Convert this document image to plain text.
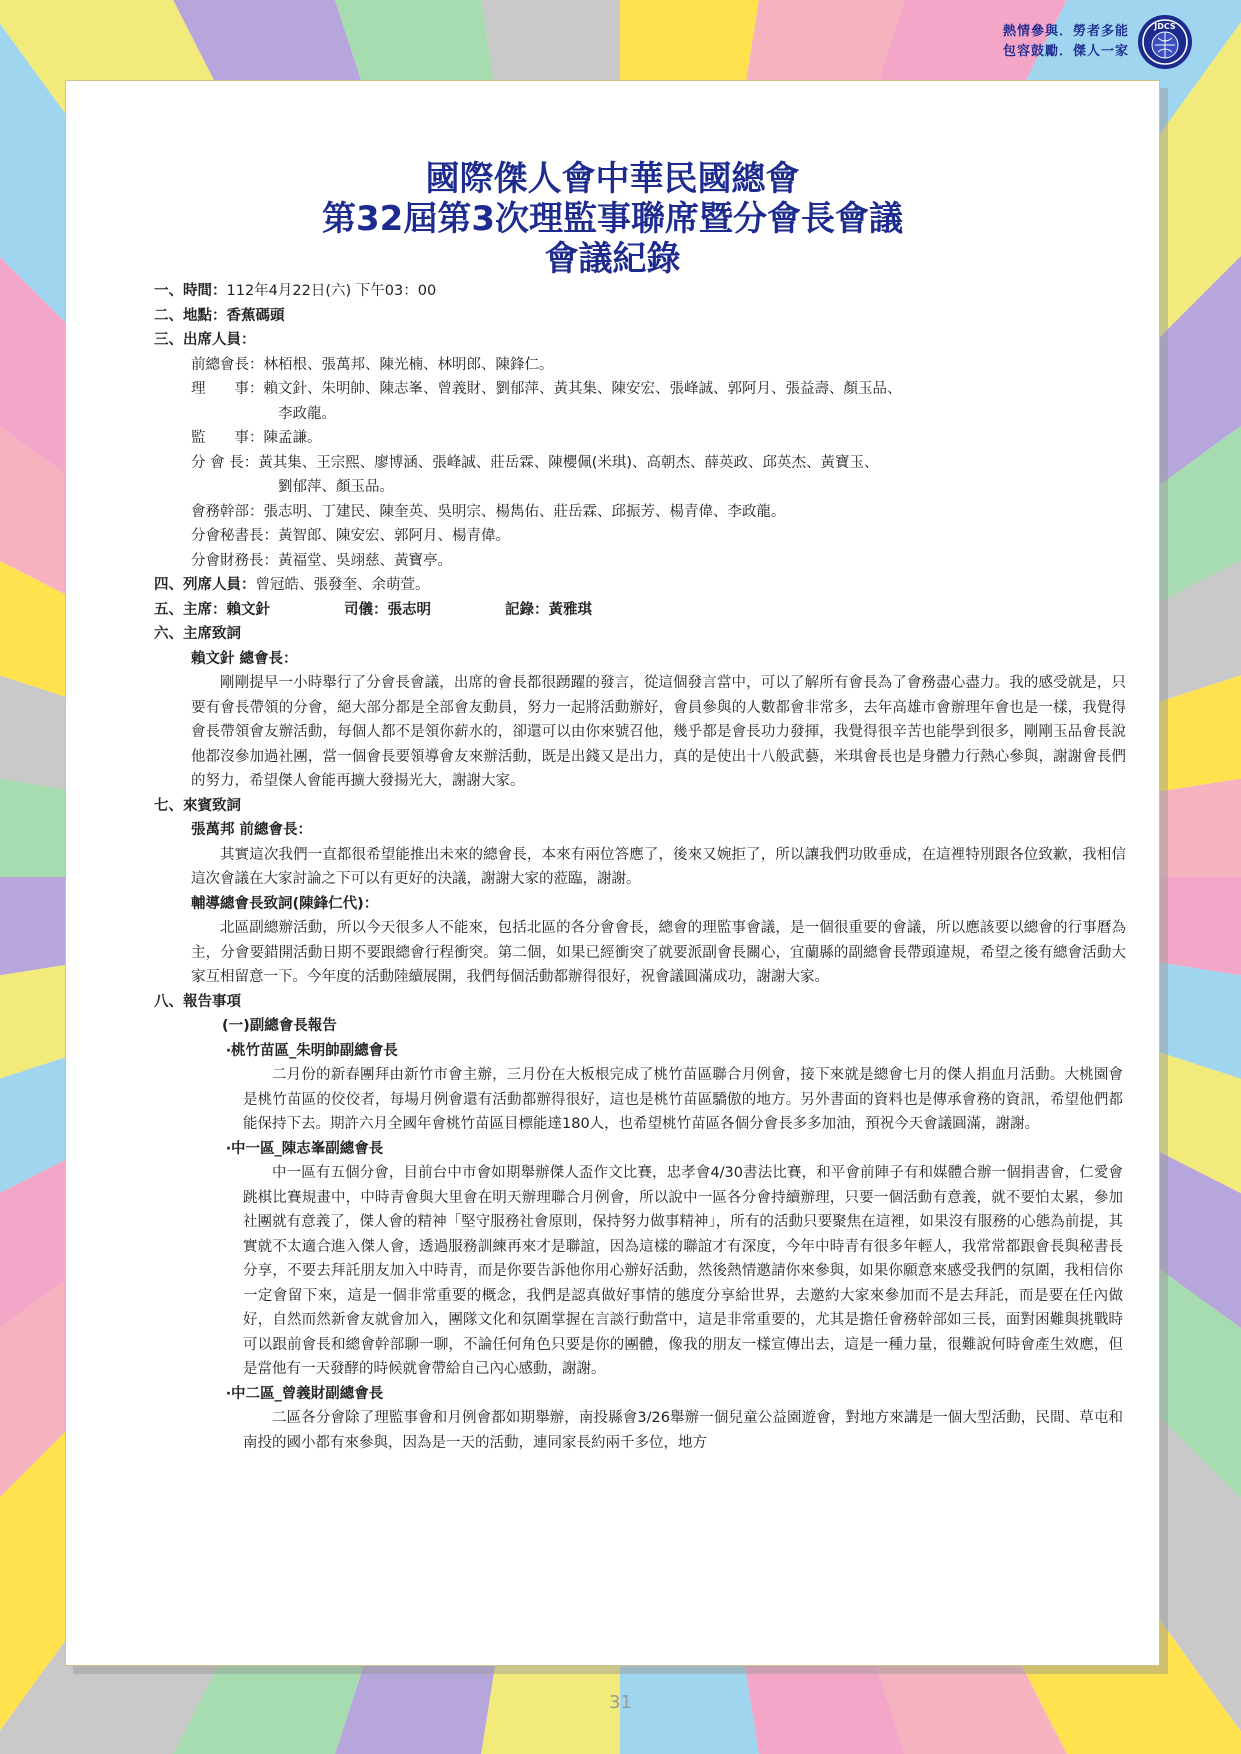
熱情參與．勞者多能
包容鼓勵．傑人一家
JDCS
國際傑人會中華民國總會
第32屆第3次理監事聯席暨分會長會議
會議紀錄
一、時間：112年4月22日(六) 下午03：00
二、地點：香蕉碼頭
三、出席人員：
前總會長：林栢根、張萬邦、陳光楠、林明郎、陳鋒仁。
理　　事：賴文針、朱明帥、陳志峯、曾義財、劉郁萍、黃其集、陳安宏、張峰誠、郭阿月、張益壽、顏玉品、
李政龍。
監　　事：陳孟謙。
分 會 長：黃其集、王宗熙、廖博涵、張峰誠、莊岳霖、陳櫻佩(米琪)、高朝杰、薛英政、邱英杰、黃寶玉、
劉郁萍、顏玉品。
會務幹部：張志明、丁建民、陳奎英、吳明宗、楊雋佑、莊岳霖、邱振芳、楊青偉、李政龍。
分會秘書長：黃智郎、陳安宏、郭阿月、楊青偉。
分會財務長：黃福堂、吳翊慈、黃寶亭。
四、列席人員：曾冠皓、張發奎、余萌萱。
五、主席：賴文針	司儀：張志明	記錄：黃雅琪
六、主席致詞
賴文針 總會長：
剛剛提早一小時舉行了分會長會議，出席的會長都很踴躍的發言，從這個發言當中，可以了解所有會長為了會務盡心盡力。我的感受就是，只要有會長帶領的分會，絕大部分都是全部會友動員，努力一起將活動辦好，會員參與的人數都會非常多，去年高雄市會辦理年會也是一樣，我覺得會長帶領會友辦活動，每個人都不是領你薪水的，卻還可以由你來號召他，幾乎都是會長功力發揮，我覺得很辛苦也能學到很多，剛剛玉品會長說他都沒參加過社團，當一個會長要領導會友來辦活動，既是出錢又是出力，真的是使出十八般武藝，米琪會長也是身體力行熱心參與，謝謝會長們的努力，希望傑人會能再擴大發揚光大，謝謝大家。
七、來賓致詞
張萬邦 前總會長：
其實這次我們一直都很希望能推出未來的總會長，本來有兩位答應了，後來又婉拒了，所以讓我們功敗垂成，在這裡特別跟各位致歉，我相信這次會議在大家討論之下可以有更好的決議，謝謝大家的蒞臨，謝謝。
輔導總會長致詞(陳鋒仁代)：
北區副總辦活動，所以今天很多人不能來，包括北區的各分會會長，總會的理監事會議，是一個很重要的會議，所以應該要以總會的行事曆為主，分會要錯開活動日期不要跟總會行程衝突。第二個，如果已經衝突了就要派副會長關心，宜蘭縣的副總會長帶頭違規，希望之後有總會活動大家互相留意一下。今年度的活動陸續展開，我們每個活動都辦得很好，祝會議圓滿成功，謝謝大家。
八、報告事項
(一)副總會長報告
‧桃竹苗區_朱明帥副總會長
二月份的新春團拜由新竹市會主辦，三月份在大板根完成了桃竹苗區聯合月例會，接下來就是總會七月的傑人捐血月活動。大桃園會是桃竹苗區的佼佼者，每場月例會還有活動都辦得很好，這也是桃竹苗區驕傲的地方。另外書面的資料也是傳承會務的資訊，希望他們都能保持下去。期許六月全國年會桃竹苗區目標能達180人，也希望桃竹苗區各個分會長多多加油，預祝今天會議圓滿，謝謝。
‧中一區_陳志峯副總會長
中一區有五個分會，目前台中市會如期舉辦傑人盃作文比賽，忠孝會4/30書法比賽，和平會前陣子有和媒體合辦一個捐書會，仁愛會跳棋比賽規畫中，中時青會與大里會在明天辦理聯合月例會，所以說中一區各分會持續辦理，只要一個活動有意義，就不要怕太累，參加社團就有意義了，傑人會的精神「堅守服務社會原則，保持努力做事精神」，所有的活動只要聚焦在這裡，如果沒有服務的心態為前提，其實就不太適合進入傑人會，透過服務訓練再來才是聯誼，因為這樣的聯誼才有深度，今年中時青有很多年輕人，我常常都跟會長與秘書長分享，不要去拜託朋友加入中時青，而是你要告訴他你用心辦好活動，然後熱情邀請你來參與，如果你願意來感受我們的氛圍，我相信你一定會留下來，這是一個非常重要的概念，我們是認真做好事情的態度分享給世界，去邀約大家來參加而不是去拜託，而是要在任內做好，自然而然新會友就會加入，團隊文化和氛圍掌握在言談行動當中，這是非常重要的，尤其是擔任會務幹部如三長，面對困難與挑戰時可以跟前會長和總會幹部聊一聊，不論任何角色只要是你的團體，像我的朋友一樣宣傳出去，這是一種力量，很難說何時會產生效應，但是當他有一天發酵的時候就會帶給自己內心感動，謝謝。
‧中二區_曾義財副總會長
二區各分會除了理監事會和月例會都如期舉辦，南投縣會3/26舉辦一個兒童公益園遊會，對地方來講是一個大型活動，民間、草屯和南投的國小都有來參與，因為是一天的活動，連同家長約兩千多位，地方
31
